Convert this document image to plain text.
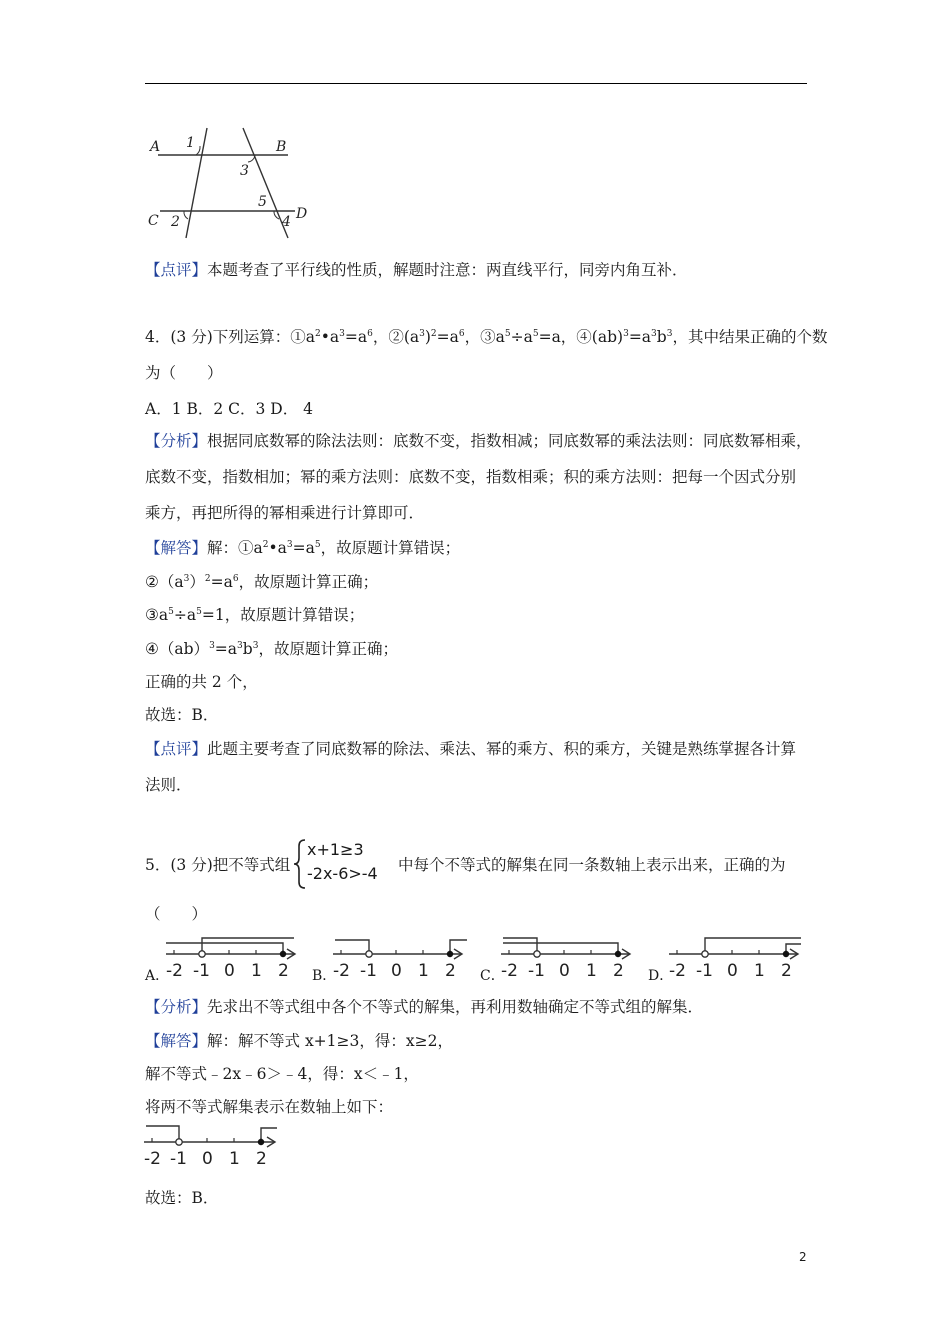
A 1	B
3
5
C 2	4 D
【点评】本题考查了平行线的性质，解题时注意：两直线平行，同旁内角互补．
4．(3 分)下列运算：$①a^2•a^3=a^6$，$②(a^3)^2=a^6$，$③a^5\div a^5=a$，$④(ab)^3=a^3b^3$，其中结果正确的个数
为（　　）
A．1 B．2 C．3 D． 4
【分析】根据同底数幂的除法法则：底数不变，指数相减；同底数幂的乘法法则：同底数幂相乘，
底数不变，指数相加；幂的乘方法则：底数不变，指数相乘；积的乘方法则：把每一个因式分别
乘方，再把所得的幂相乘进行计算即可．
【解答】解：$①a^2•a^3=a^5$，故原题计算错误；
$②(a^3)^2=a^6$，故原题计算正确；
$③a^5\div a^5=1$，故原题计算错误；
$④(ab)^3=a^3b^3$，故原题计算正确；
正确的共 2 个，
故选：B．
【点评】此题主要考查了同底数幂的除法、乘法、幂的乘方、积的乘方，关键是熟练掌握各计算
法则．
5．(3 分)把不等式组
x+1≥3
-2x-6>-4 中每个不等式的解集在同一条数轴上表示出来，正确的为
（　　）
A．
-2 -1 0 1 2 B．
-2 -1 0 1 2 C．
-2 -1 0 1 2 D．
-2 -1 0 1 2
【分析】先求出不等式组中各个不等式的解集，再利用数轴确定不等式组的解集．
【解答】解：解不等式 x+1≥3，得：x≥2，
解不等式﹣2x﹣6＞﹣4，得：x＜﹣1，
将两不等式解集表示在数轴上如下：
-2 -1 0 1 2
故选：B．
2
